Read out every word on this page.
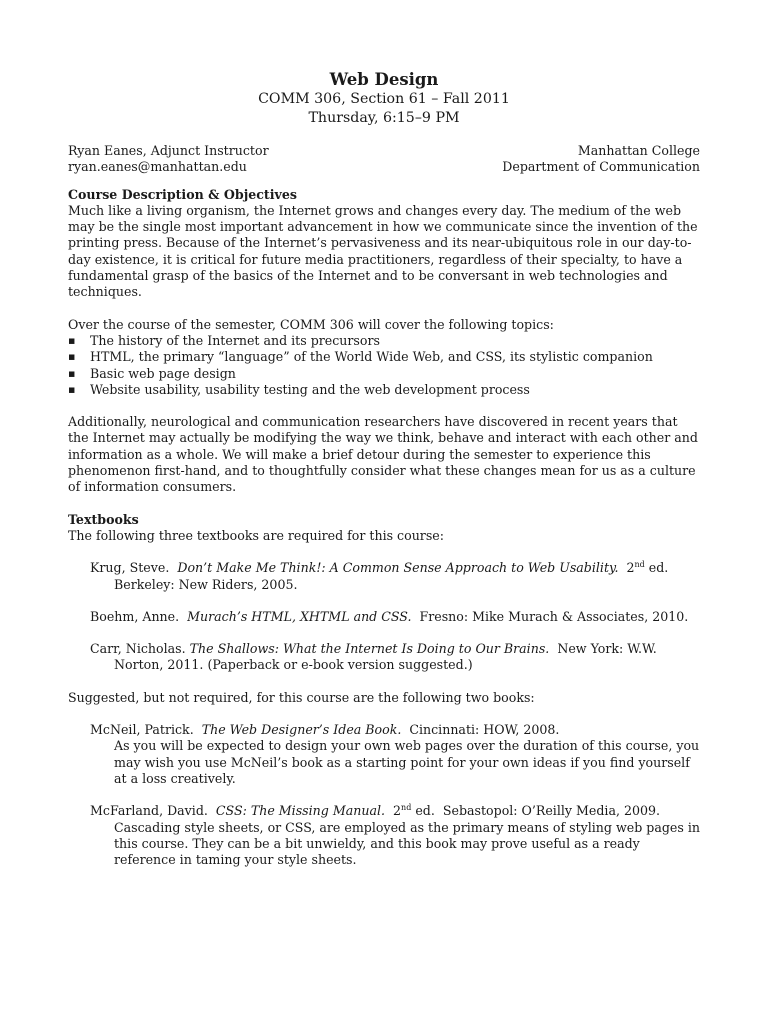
Web Design
COMM 306, Section 61 – Fall 2011
Thursday, 6:15–9 PM
Ryan Eanes, Adjunct Instructor
ryan.eanes@manhattan.edu
Manhattan College
Department of Communication

Course Description & Objectives

Much like a living organism, the Internet grows and changes every day. The medium of the web may be the single most important advancement in how we communicate since the invention of the printing press. Because of the Internet’s pervasiveness and its near-ubiquitous role in our day-to-day existence, it is critical for future media practitioners, regardless of their specialty, to have a fundamental grasp of the basics of the Internet and to be conversant in web technologies and techniques.

Over the course of the semester, COMM 306 will cover the following topics:

▪ The history of the Internet and its precursors
▪ HTML, the primary “language” of the World Wide Web, and CSS, its stylistic companion
▪ Basic web page design
▪ Website usability, usability testing and the web development process

Additionally, neurological and communication researchers have discovered in recent years that the Internet may actually be modifying the way we think, behave and interact with each other and information as a whole. We will make a brief detour during the semester to experience this phenomenon first-hand, and to thoughtfully consider what these changes mean for us as a culture of information consumers.

Textbooks

The following three textbooks are required for this course:

Krug, Steve. Don’t Make Me Think!: A Common Sense Approach to Web Usability. 2nd ed.
Berkeley: New Riders, 2005.
Boehm, Anne. Murach’s HTML, XHTML and CSS. Fresno: Mike Murach & Associates, 2010.
Carr, Nicholas. The Shallows: What the Internet Is Doing to Our Brains. New York: W.W.
Norton, 2011. (Paperback or e-book version suggested.)

Suggested, but not required, for this course are the following two books:

McNeil, Patrick. The Web Designer’s Idea Book. Cincinnati: HOW, 2008.
As you will be expected to design your own web pages over the duration of this course, you may wish you use McNeil’s book as a starting point for your own ideas if you find yourself at a loss creatively.
McFarland, David. CSS: The Missing Manual. 2nd ed. Sebastopol: O’Reilly Media, 2009.
Cascading style sheets, or CSS, are employed as the primary means of styling web pages in this course. They can be a bit unwieldy, and this book may prove useful as a ready reference in taming your style sheets.
